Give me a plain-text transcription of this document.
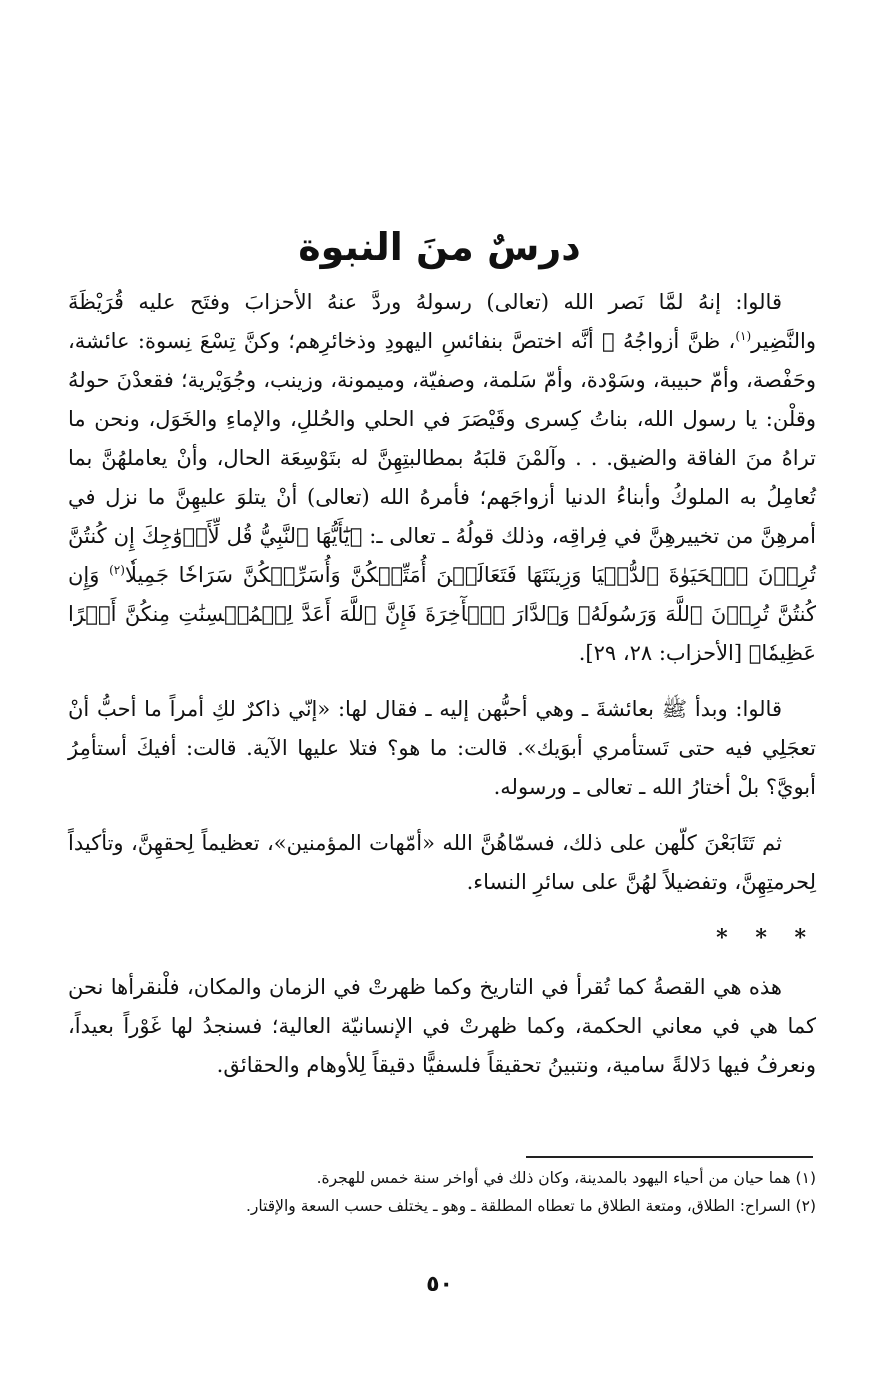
درسٌ منَ النبوة

قالوا: إنهُ لمَّا نَصر الله (تعالى) رسولهُ وردَّ عنهُ الأحزابَ وفتَح عليه قُرَيْظَةَ والنَّضِير$^{(١)}$، ظنَّ أزواجُهُ ﷺ أنَّه اختصَّ بنفائسِ اليهودِ وذخائرِهم؛ وكنَّ تِسْعَ نِسوة: عائشة، وحَفْصة، وأمّ حبيبة، وسَوْدة، وأمّ سَلمة، وصفيّة، وميمونة، وزينب، وجُوَيْرية؛ فقعدْنَ حولهُ وقلْن: يا رسول الله، بناتُ كِسرى وقَيْصَرَ في الحلي والحُللِ، والإماءِ والخَوَل، ونحن ما تراهُ منَ الفاقة والضيق. . . وآلمْنَ قلبَهُ بمطالبتِهِنَّ له بتَوْسِعَة الحال، وأنْ يعاملهُنَّ بما تُعامِلُ به الملوكُ وأبناءُ الدنيا أزواجَهم؛ فأمرهُ الله (تعالى) أنْ يتلوَ عليهِنَّ ما نزل في أمرهِنَّ من تخييرهِنَّ في فِراقِه، وذلك قولُهُ ـ تعالى ـ: ﴿يَٰٓأَيُّهَا ٱلنَّبِيُّ قُل لِّأَزۡوَٰجِكَ إِن كُنتُنَّ تُرِدۡنَ ٱلۡحَيَوٰةَ ٱلدُّنۡيَا وَزِينَتَهَا فَتَعَالَيۡنَ أُمَتِّعۡكُنَّ وَأُسَرِّحۡكُنَّ سَرَاحٗا جَمِيلٗا$^{(٢)}$ وَإِن كُنتُنَّ تُرِدۡنَ ٱللَّهَ وَرَسُولَهُۥ وَٱلدَّارَ ٱلۡأٓخِرَةَ فَإِنَّ ٱللَّهَ أَعَدَّ لِلۡمُحۡسِنَٰتِ مِنكُنَّ أَجۡرًا عَظِيمٗا﴾ [الأحزاب: ٢٨، ٢٩].

قالوا: وبدأ ﷺ بعائشةَ ـ وهي أحبُّهن إليه ـ فقال لها: «إنّي ذاكرٌ لكِ أمراً ما أحبُّ أنْ تعجَلِي فيه حتى تَستأمري أبوَيك». قالت: ما هو؟ فتلا عليها الآية. قالت: أفيكَ أستأمِرُ أبويَّ؟ بلْ أختارُ الله ـ تعالى ـ ورسوله.

ثم تَتَابَعْنَ كلّهن على ذلك، فسمّاهُنَّ الله «أمّهات المؤمنين»، تعظيماً لِحقهِنَّ، وتأكيداً لِحرمتِهِنَّ، وتفضيلاً لهُنَّ على سائرِ النساء.

* * *

هذه هي القصةُ كما تُقرأ في التاريخ وكما ظهرتْ في الزمان والمكان، فلْنقرأها نحن كما هي في معاني الحكمة، وكما ظهرتْ في الإنسانيّة العالية؛ فسنجدُ لها غَوْراً بعيداً، ونعرفُ فيها دَلالةً سامية، ونتبينُ تحقيقاً فلسفيًّا دقيقاً لِلأوهام والحقائق.

(١) هما حيان من أحياء اليهود بالمدينة، وكان ذلك في أواخر سنة خمس للهجرة.

(٢) السراح: الطلاق، ومتعة الطلاق ما تعطاه المطلقة ـ وهو ـ يختلف حسب السعة والإقتار.

٥٠
